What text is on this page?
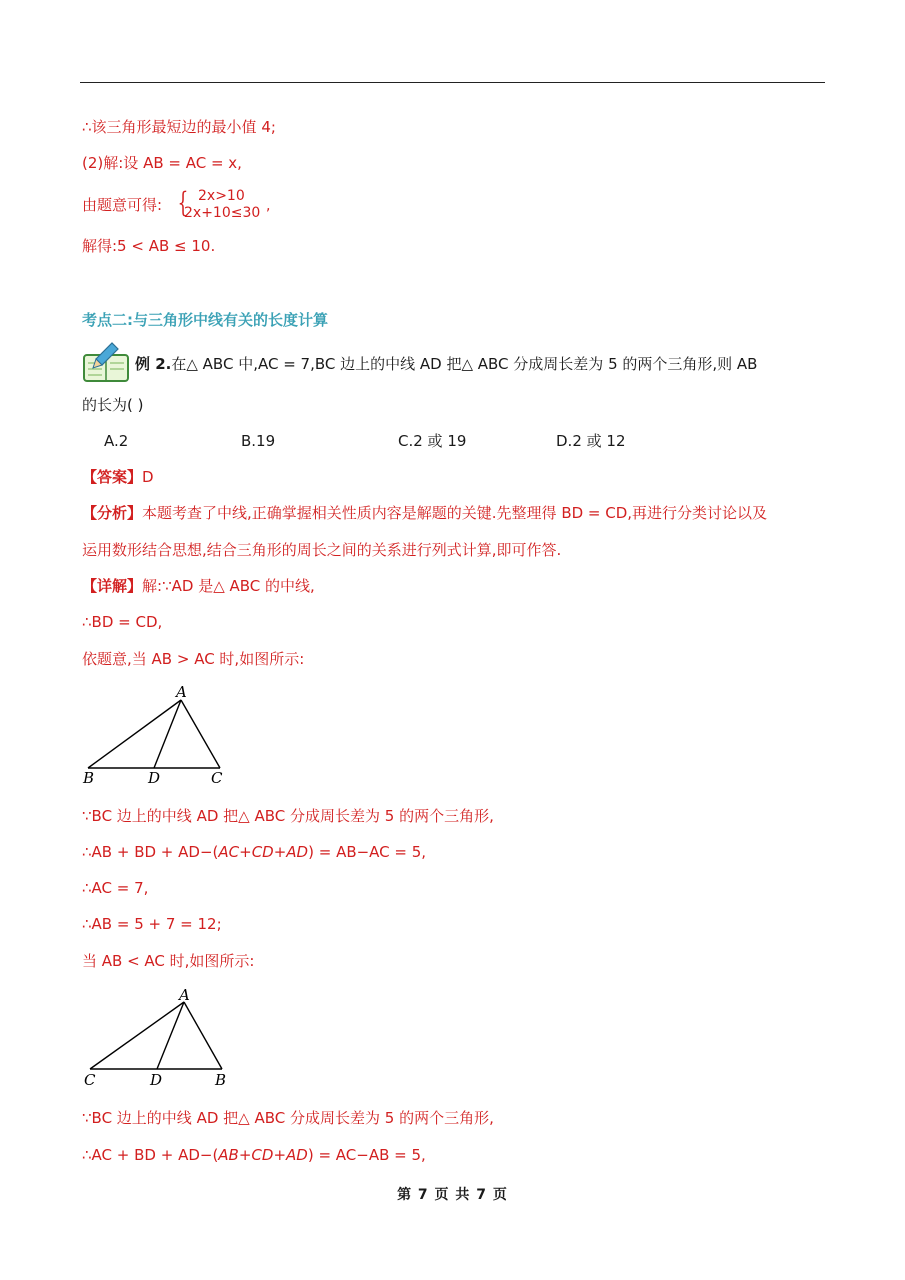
∴该三角形最短边的最小值 4;
(2)解:设 AB = AC = x,
由题意可得: { 2x>10
2x+10≤30 ,
解得:5 < AB ≤ 10.
考点二:与三角形中线有关的长度计算
例 2.在△ ABC 中,AC = 7,BC 边上的中线 AD 把△ ABC 分成周长差为 5 的两个三角形,则 AB
的长为( )
A.2	B.19	C.2 或 19	D.2 或 12
【答案】D
【分析】本题考查了中线,正确掌握相关性质内容是解题的关键.先整理得 BD = CD,再进行分类讨论以及
运用数形结合思想,结合三角形的周长之间的关系进行列式计算,即可作答.
【详解】解:∵AD 是△ ABC 的中线,
∴BD = CD,
依题意,当 AB > AC 时,如图所示:
A
B	D	C
∵BC 边上的中线 AD 把△ ABC 分成周长差为 5 的两个三角形,
∴AB + BD + AD−(AC+CD+AD) = AB−AC = 5,
∴AC = 7,
∴AB = 5 + 7 = 12;
当 AB < AC 时,如图所示:
A
C	D	B
∵BC 边上的中线 AD 把△ ABC 分成周长差为 5 的两个三角形,
∴AC + BD + AD−(AB+CD+AD) = AC−AB = 5,
第 7 页 共 7 页
